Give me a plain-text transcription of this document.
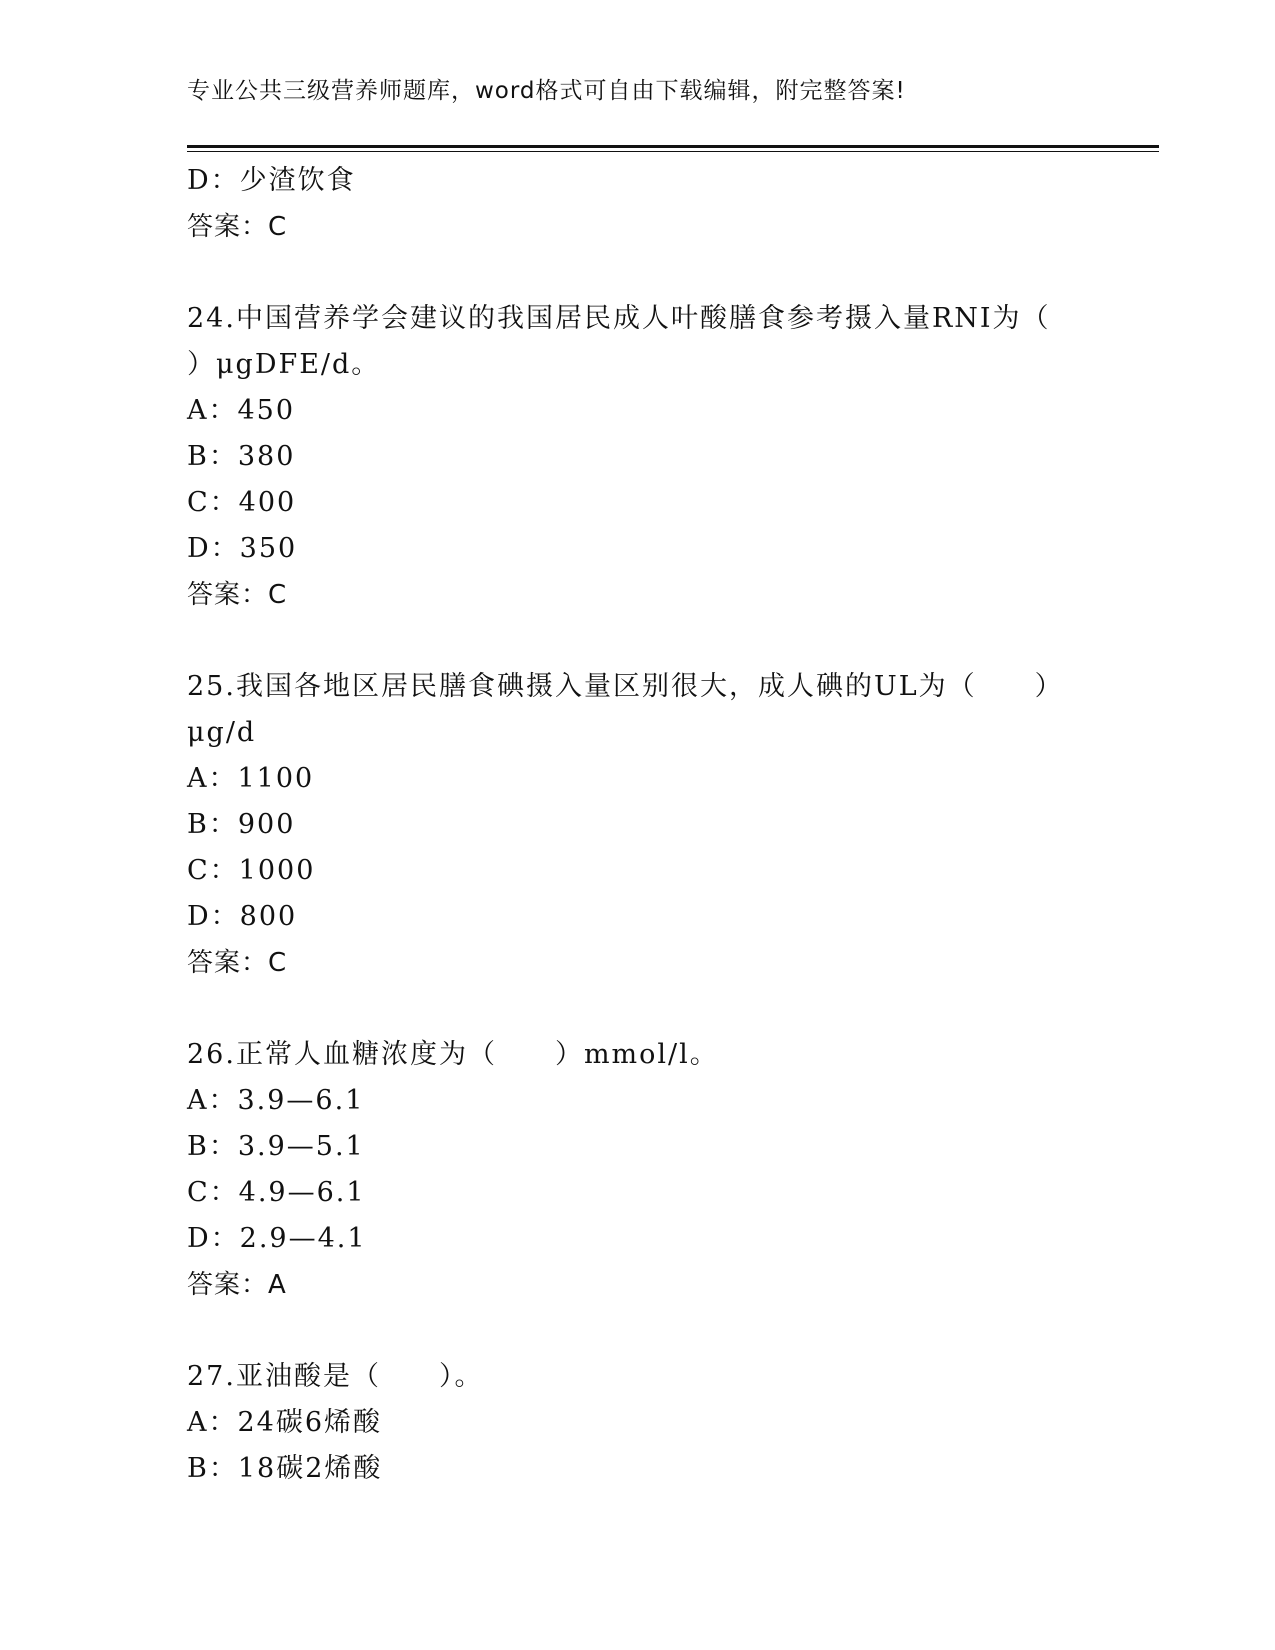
专业公共三级营养师题库，word格式可自由下载编辑，附完整答案!
D：少渣饮食
答案：C
24.中国营养学会建议的我国居民成人叶酸膳食参考摄入量RNI为（
）μgDFE/d。
A：450
B：380
C：400
D：350
答案：C
25.我国各地区居民膳食碘摄入量区别很大，成人碘的UL为（　　）
μg/d
A：1100
B：900
C：1000
D：800
答案：C
26.正常人血糖浓度为（　　）mmol/l。
A：3.9—6.1
B：3.9—5.1
C：4.9—6.1
D：2.9—4.1
答案：A
27.亚油酸是（　　）。
A：24碳6烯酸
B：18碳2烯酸
